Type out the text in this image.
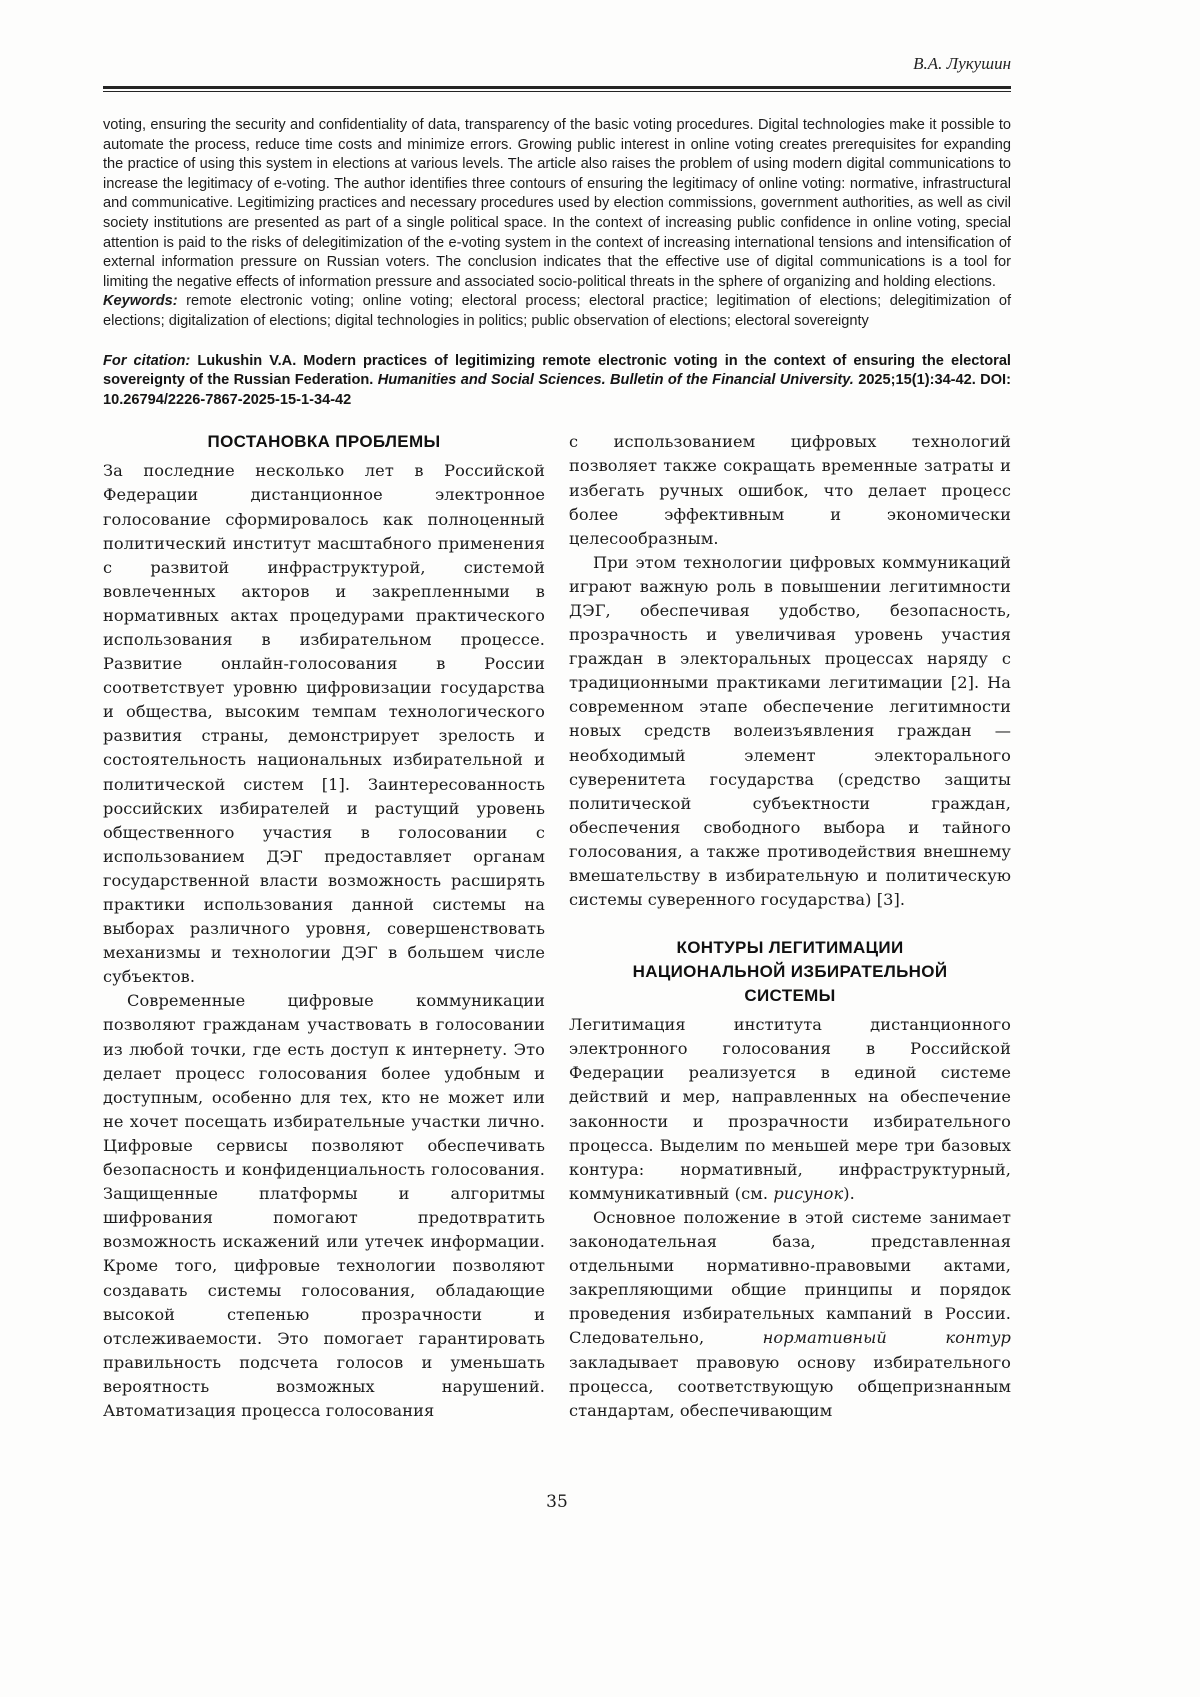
В.А. Лукушин

voting, ensuring the security and confidentiality of data, transparency of the basic voting procedures. Digital technologies make it possible to automate the process, reduce time costs and minimize errors. Growing public interest in online voting creates prerequisites for expanding the practice of using this system in elections at various levels. The article also raises the problem of using modern digital communications to increase the legitimacy of e-voting. The author identifies three contours of ensuring the legitimacy of online voting: normative, infrastructural and communicative. Legitimizing practices and necessary procedures used by election commissions, government authorities, as well as civil society institutions are presented as part of a single political space. In the context of increasing public confidence in online voting, special attention is paid to the risks of delegitimization of the e-voting system in the context of increasing international tensions and intensification of external information pressure on Russian voters. The conclusion indicates that the effective use of digital communications is a tool for limiting the negative effects of information pressure and associated socio-political threats in the sphere of organizing and holding elections.

Keywords: remote electronic voting; online voting; electoral process; electoral practice; legitimation of elections; delegitimization of elections; digitalization of elections; digital technologies in politics; public observation of elections; electoral sovereignty

For citation: Lukushin V.A. Modern practices of legitimizing remote electronic voting in the context of ensuring the electoral sovereignty of the Russian Federation. Humanities and Social Sciences. Bulletin of the Financial University. 2025;15(1):34-42. DOI: 10.26794/2226-7867-2025-15-1-34-42

ПОСТАНОВКА ПРОБЛЕМЫ

За последние несколько лет в Российской Федерации дистанционное электронное голосование сформировалось как полноценный политический институт масштабного применения с развитой инфраструктурой, системой вовлеченных акторов и закрепленными в нормативных актах процедурами практического использования в избирательном процессе. Развитие онлайн-голосования в России соответствует уровню цифровизации государства и общества, высоким темпам технологического развития страны, демонстрирует зрелость и состоятельность национальных избирательной и политической систем [1]. Заинтересованность российских избирателей и растущий уровень общественного участия в голосовании с использованием ДЭГ предоставляет органам государственной власти возможность расширять практики использования данной системы на выборах различного уровня, совершенствовать механизмы и технологии ДЭГ в большем числе субъектов.

Современные цифровые коммуникации позволяют гражданам участвовать в голосовании из любой точки, где есть доступ к интернету. Это делает процесс голосования более удобным и доступным, особенно для тех, кто не может или не хочет посещать избирательные участки лично. Цифровые сервисы позволяют обеспечивать безопасность и конфиденциальность голосования. Защищенные платформы и алгоритмы шифрования помогают предотвратить возможность искажений или утечек информации. Кроме того, цифровые технологии позволяют создавать системы голосования, обладающие высокой степенью прозрачности и отслеживаемости. Это помогает гарантировать правильность подсчета голосов и уменьшать вероятность возможных нарушений. Автоматизация процесса голосования

с использованием цифровых технологий позволяет также сокращать временные затраты и избегать ручных ошибок, что делает процесс более эффективным и экономически целесообразным.

При этом технологии цифровых коммуникаций играют важную роль в повышении легитимности ДЭГ, обеспечивая удобство, безопасность, прозрачность и увеличивая уровень участия граждан в электоральных процессах наряду с традиционными практиками легитимации [2]. На современном этапе обеспечение легитимности новых средств волеизъявления граждан — необходимый элемент электорального суверенитета государства (средство защиты политической субъектности граждан, обеспечения свободного выбора и тайного голосования, а также противодействия внешнему вмешательству в избирательную и политическую системы суверенного государства) [3].

КОНТУРЫ ЛЕГИТИМАЦИИ
НАЦИОНАЛЬНОЙ ИЗБИРАТЕЛЬНОЙ
СИСТЕМЫ

Легитимация института дистанционного электронного голосования в Российской Федерации реализуется в единой системе действий и мер, направленных на обеспечение законности и прозрачности избирательного процесса. Выделим по меньшей мере три базовых контура: нормативный, инфраструктурный, коммуникативный (см. рисунок).

Основное положение в этой системе занимает законодательная база, представленная отдельными нормативно-правовыми актами, закрепляющими общие принципы и порядок проведения избирательных кампаний в России. Следовательно, нормативный контур закладывает правовую основу избирательного процесса, соответствующую общепризнанным стандартам, обеспечивающим

35
